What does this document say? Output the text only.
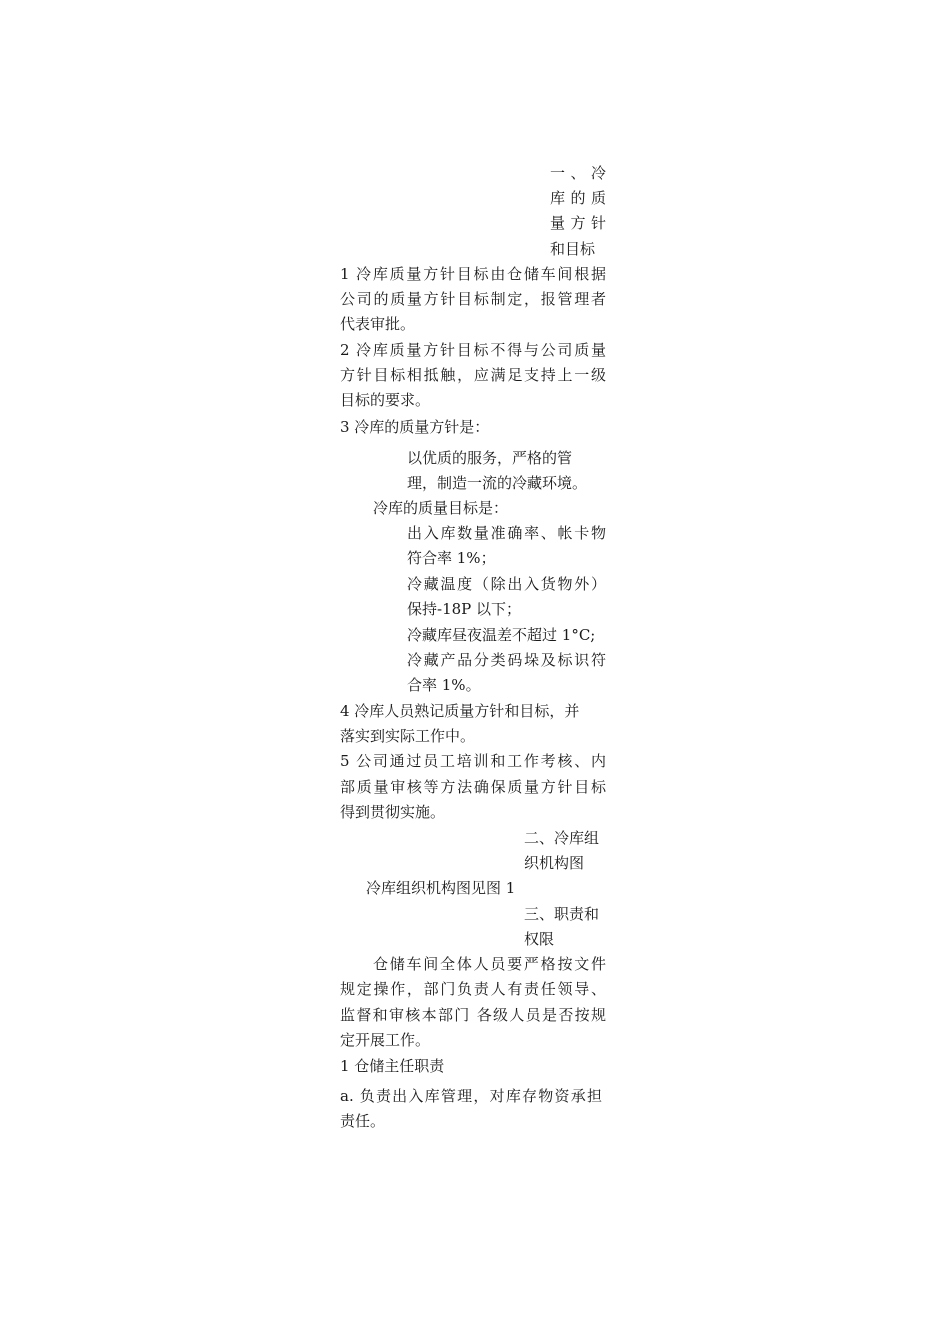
一 、 冷
库 的 质
量 方 针
和目标
1 冷库质量方针目标由仓储车间根据
公司的质量方针目标制定，报管理者
代表审批。
2 冷库质量方针目标不得与公司质量
方针目标相抵触，应满足支持上一级
目标的要求。
3 冷库的质量方针是：
以优质的服务，严格的管
理，制造一流的冷藏环境。
冷库的质量目标是：
出入库数量准确率、帐卡物
符合率 1%；
冷藏温度（除出入货物外）
保持-18P 以下；
冷藏库昼夜温差不超过 1°C;
冷藏产品分类码垛及标识符
合率 1%。
4 冷库人员熟记质量方针和目标，并
落实到实际工作中。
5 公司通过员工培训和工作考核、内
部质量审核等方法确保质量方针目标
得到贯彻实施。
二、冷库组
织机构图
冷库组织机构图见图 1
三、职责和
权限
仓储车间全体人员要严格按文件
规定操作，部门负责人有责任领导、
监督和审核本部门 各级人员是否按规
定开展工作。
1 仓储主任职责
a. 负责出入库管理，对库存物资承担
责任。
